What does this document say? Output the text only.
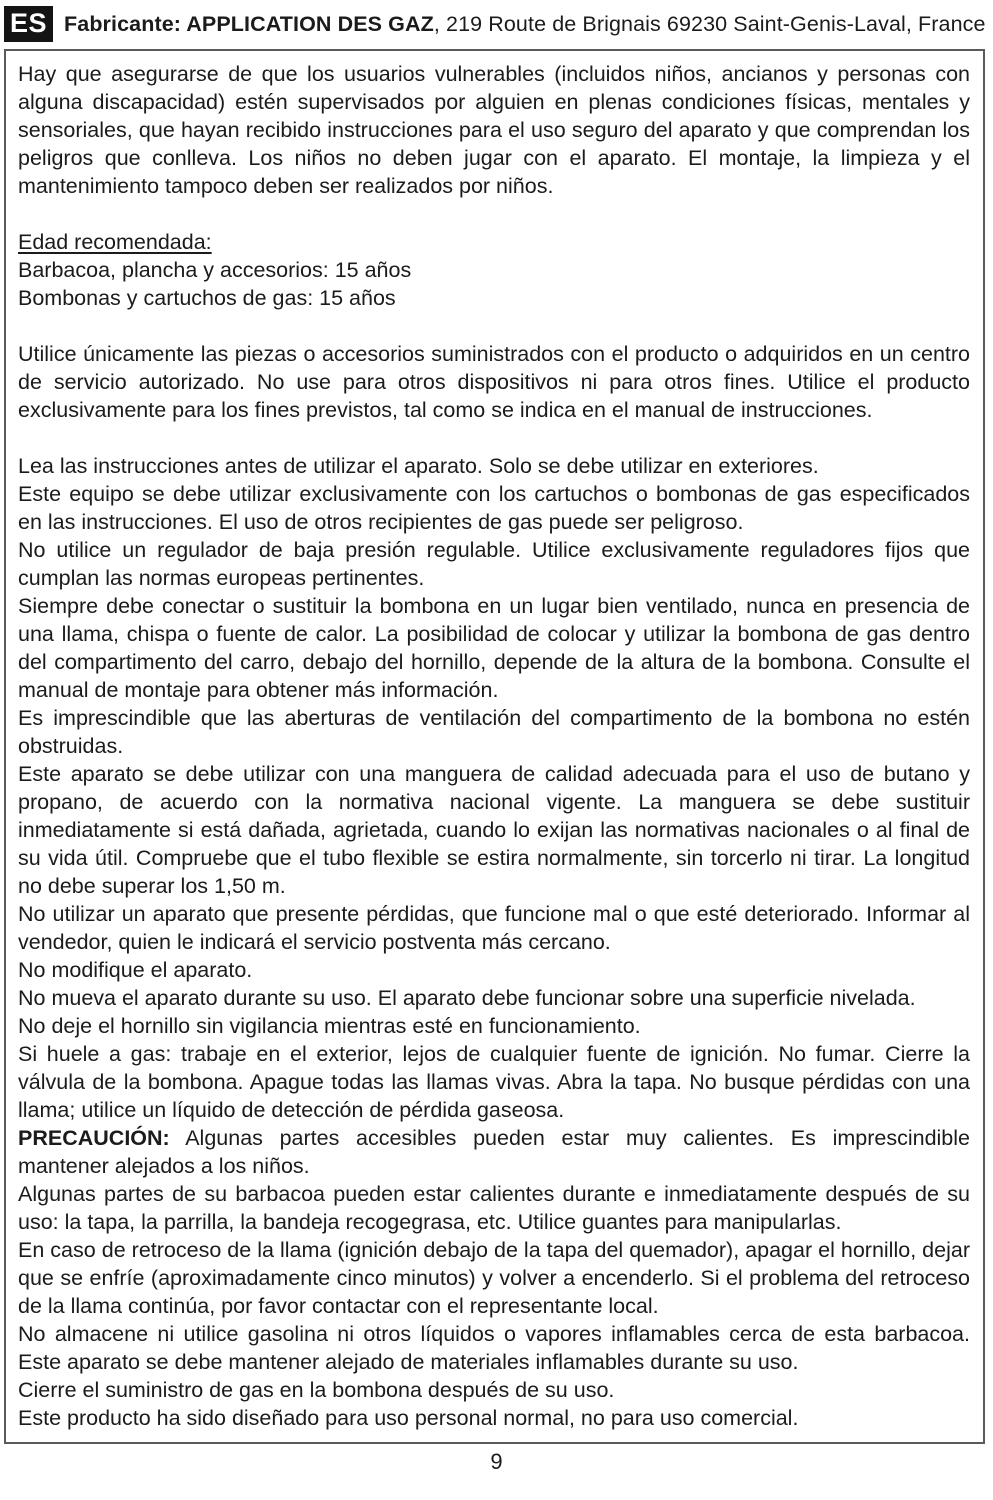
ES Fabricante: APPLICATION DES GAZ, 219 Route de Brignais 69230 Saint-Genis-Laval, France

Hay que asegurarse de que los usuarios vulnerables (incluidos niños, ancianos y personas con alguna discapacidad) estén supervisados por alguien en plenas condiciones físicas, mentales y sensoriales, que hayan recibido instrucciones para el uso seguro del aparato y que comprendan los peligros que conlleva. Los niños no deben jugar con el aparato. El montaje, la limpieza y el mantenimiento tampoco deben ser realizados por niños.

Edad recomendada:

Barbacoa, plancha y accesorios: 15 años

Bombonas y cartuchos de gas: 15 años

Utilice únicamente las piezas o accesorios suministrados con el producto o adquiridos en un centro de servicio autorizado. No use para otros dispositivos ni para otros fines. Utilice el producto exclusivamente para los fines previstos, tal como se indica en el manual de instrucciones.

Lea las instrucciones antes de utilizar el aparato. Solo se debe utilizar en exteriores.

Este equipo se debe utilizar exclusivamente con los cartuchos o bombonas de gas especificados en las instrucciones. El uso de otros recipientes de gas puede ser peligroso.

No utilice un regulador de baja presión regulable. Utilice exclusivamente reguladores fijos que cumplan las normas europeas pertinentes.

Siempre debe conectar o sustituir la bombona en un lugar bien ventilado, nunca en presencia de una llama, chispa o fuente de calor. La posibilidad de colocar y utilizar la bombona de gas dentro del compartimento del carro, debajo del hornillo, depende de la altura de la bombona. Consulte el manual de montaje para obtener más información.

Es imprescindible que las aberturas de ventilación del compartimento de la bombona no estén obstruidas.

Este aparato se debe utilizar con una manguera de calidad adecuada para el uso de butano y propano, de acuerdo con la normativa nacional vigente. La manguera se debe sustituir inmediatamente si está dañada, agrietada, cuando lo exijan las normativas nacionales o al final de su vida útil. Compruebe que el tubo flexible se estira normalmente, sin torcerlo ni tirar. La longitud no debe superar los 1,50 m.

No utilizar un aparato que presente pérdidas, que funcione mal o que esté deteriorado. Informar al vendedor, quien le indicará el servicio postventa más cercano.

No modifique el aparato.

No mueva el aparato durante su uso. El aparato debe funcionar sobre una superficie nivelada.

No deje el hornillo sin vigilancia mientras esté en funcionamiento.

Si huele a gas: trabaje en el exterior, lejos de cualquier fuente de ignición. No fumar. Cierre la válvula de la bombona. Apague todas las llamas vivas. Abra la tapa. No busque pérdidas con una llama; utilice un líquido de detección de pérdida gaseosa.

PRECAUCIÓN: Algunas partes accesibles pueden estar muy calientes. Es imprescindible mantener alejados a los niños.

Algunas partes de su barbacoa pueden estar calientes durante e inmediatamente después de su uso: la tapa, la parrilla, la bandeja recogegrasa, etc. Utilice guantes para manipularlas.

En caso de retroceso de la llama (ignición debajo de la tapa del quemador), apagar el hornillo, dejar que se enfríe (aproximadamente cinco minutos) y volver a encenderlo. Si el problema del retroceso de la llama continúa, por favor contactar con el representante local.

No almacene ni utilice gasolina ni otros líquidos o vapores inflamables cerca de esta barbacoa. Este aparato se debe mantener alejado de materiales inflamables durante su uso.

Cierre el suministro de gas en la bombona después de su uso.

Este producto ha sido diseñado para uso personal normal, no para uso comercial.

9
